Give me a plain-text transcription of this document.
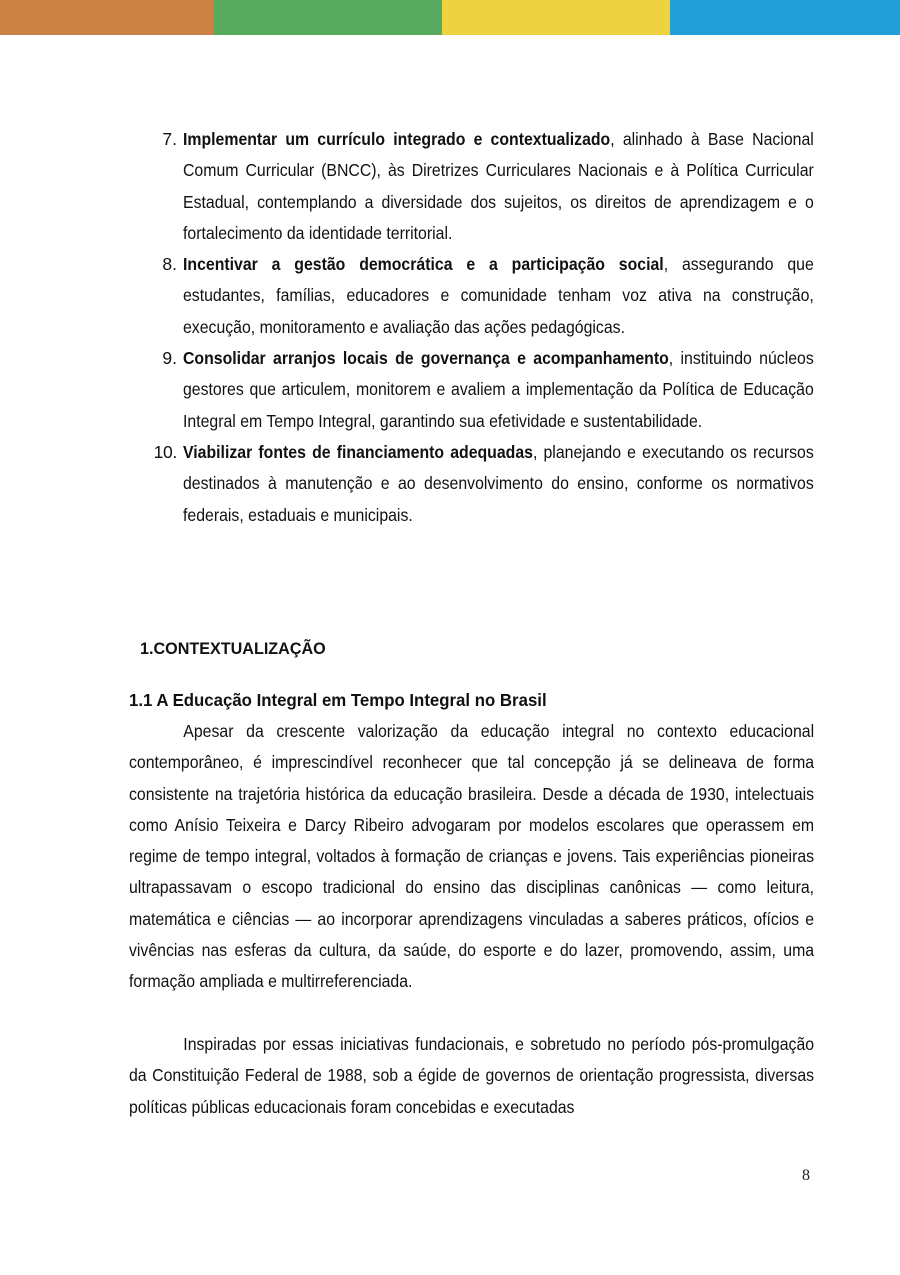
7. Implementar um currículo integrado e contextualizado, alinhado à Base Nacional Comum Curricular (BNCC), às Diretrizes Curriculares Nacionais e à Política Curricular Estadual, contemplando a diversidade dos sujeitos, os direitos de aprendizagem e o fortalecimento da identidade territorial.
8. Incentivar a gestão democrática e a participação social, assegurando que estudantes, famílias, educadores e comunidade tenham voz ativa na construção, execução, monitoramento e avaliação das ações pedagógicas.
9. Consolidar arranjos locais de governança e acompanhamento, instituindo núcleos gestores que articulem, monitorem e avaliem a implementação da Política de Educação Integral em Tempo Integral, garantindo sua efetividade e sustentabilidade.
10. Viabilizar fontes de financiamento adequadas, planejando e executando os recursos destinados à manutenção e ao desenvolvimento do ensino, conforme os normativos federais, estaduais e municipais.
1.CONTEXTUALIZAÇÃO
1.1 A Educação Integral em Tempo Integral no Brasil
Apesar da crescente valorização da educação integral no contexto educacional contemporâneo, é imprescindível reconhecer que tal concepção já se delineava de forma consistente na trajetória histórica da educação brasileira. Desde a década de 1930, intelectuais como Anísio Teixeira e Darcy Ribeiro advogaram por modelos escolares que operassem em regime de tempo integral, voltados à formação de crianças e jovens. Tais experiências pioneiras ultrapassavam o escopo tradicional do ensino das disciplinas canônicas — como leitura, matemática e ciências — ao incorporar aprendizagens vinculadas a saberes práticos, ofícios e vivências nas esferas da cultura, da saúde, do esporte e do lazer, promovendo, assim, uma formação ampliada e multirreferenciada.
Inspiradas por essas iniciativas fundacionais, e sobretudo no período pós-promulgação da Constituição Federal de 1988, sob a égide de governos de orientação progressista, diversas políticas públicas educacionais foram concebidas e executadas
8
